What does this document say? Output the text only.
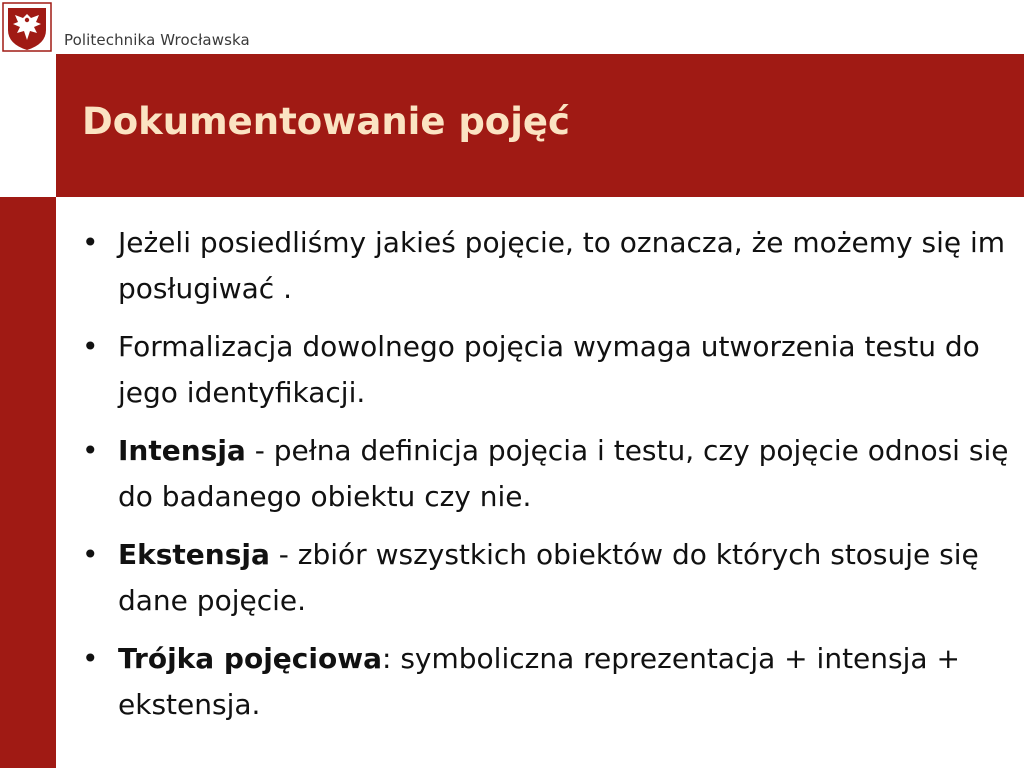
Politechnika Wrocławska
Dokumentowanie pojęć
• Jeżeli posiedliśmy jakieś pojęcie, to oznacza, że możemy się im posługiwać .
• Formalizacja dowolnego pojęcia wymaga utworzenia testu do jego identyfikacji.
• Intensja - pełna definicja pojęcia i testu, czy pojęcie odnosi się do badanego obiektu czy nie.
• Ekstensja - zbiór wszystkich obiektów do których stosuje się dane pojęcie.
• Trójka pojęciowa: symboliczna reprezentacja + intensja + ekstensja.
